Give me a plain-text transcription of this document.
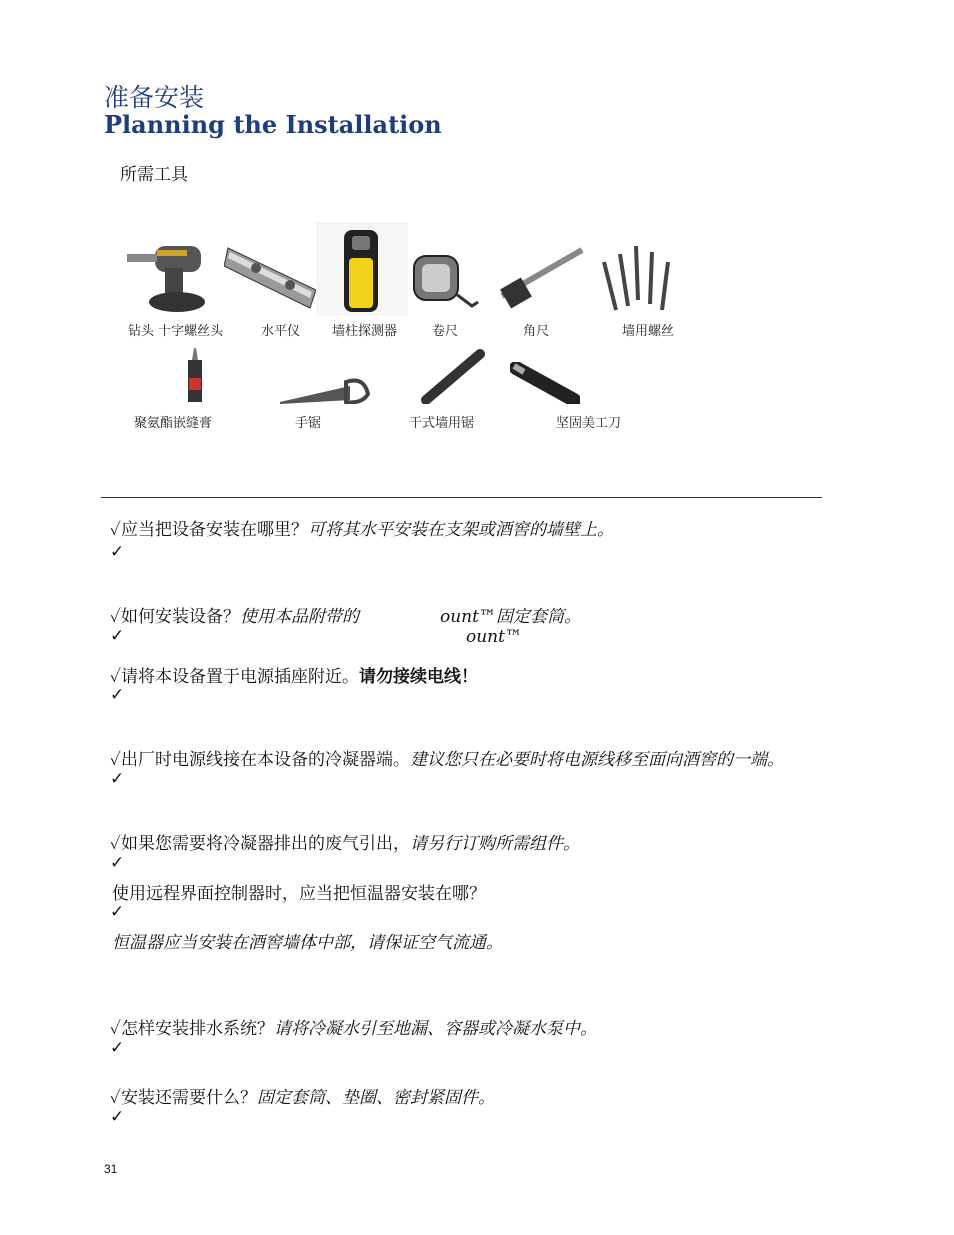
准备安装
Planning the Installation
所需工具
钻头 十字螺丝头	水平仪 墙柱探测器	卷尺	角尺	墙用螺丝
聚氨酯嵌缝膏	手锯	干式墙用锯	坚固美工刀
✓应当把设备安装在哪里？可将其水平安装在支架或酒窖的墙壁上。
✓
✓如何安装设备？使用本品附带的	ount™固定套筒。
✓	ount™
✓请将本设备置于电源插座附近。请勿接续电线！
✓
✓出厂时电源线接在本设备的冷凝器端。建议您只在必要时将电源线移至面向酒窖的一端。
✓
✓如果您需要将冷凝器排出的废气引出，请另行订购所需组件。
✓
使用远程界面控制器时，应当把恒温器安装在哪？
✓
恒温器应当安装在酒窖墙体中部，请保证空气流通。
✓怎样安装排水系统？请将冷凝水引至地漏、容器或冷凝水泵中。
✓
✓安装还需要什么？固定套筒、垫圈、密封紧固件。
✓
31
